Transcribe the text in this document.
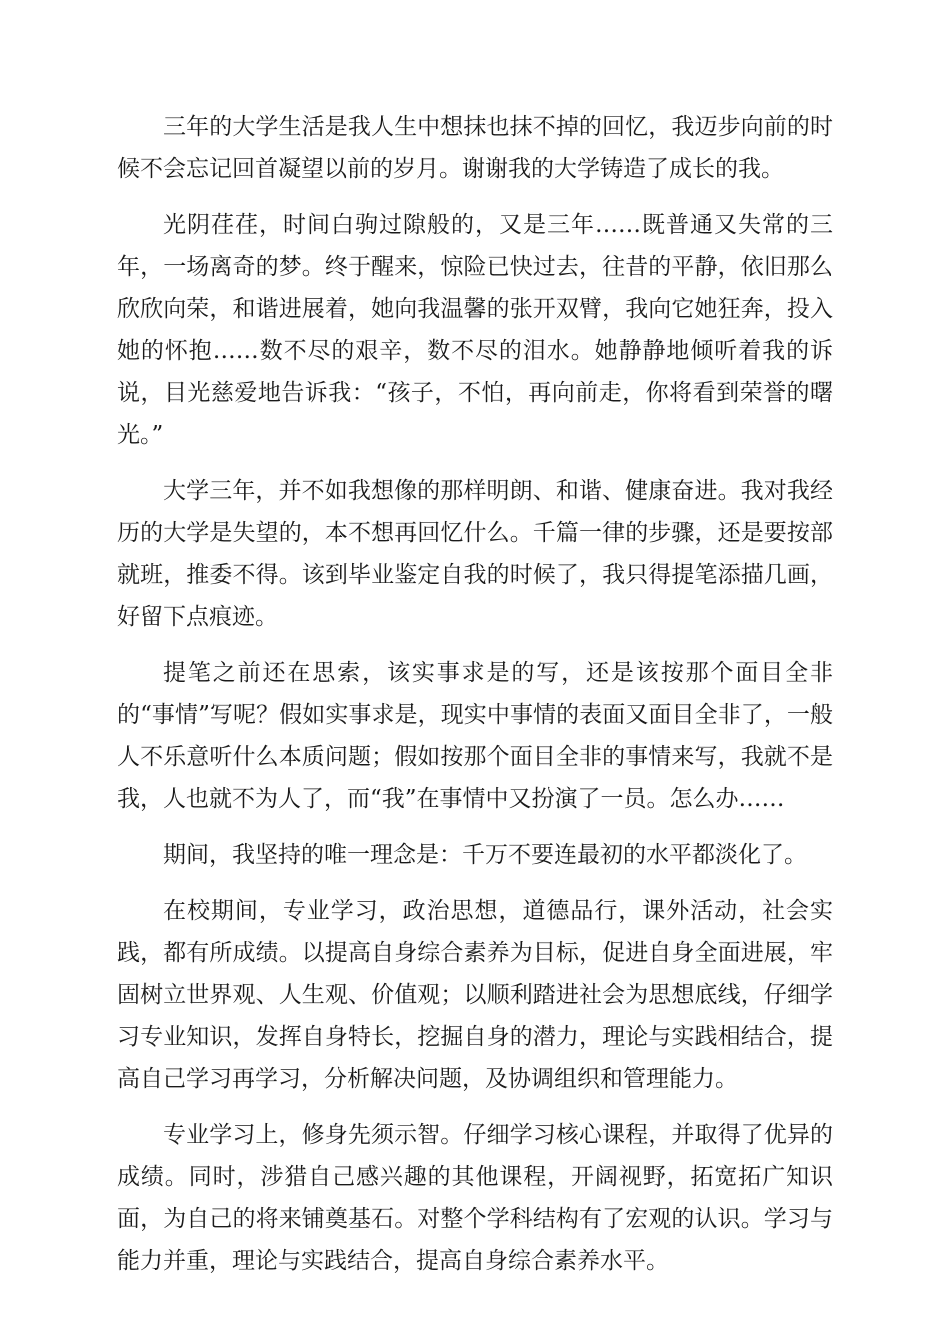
三年的大学生活是我人生中想抹也抹不掉的回忆，我迈步向前的时候不会忘记回首凝望以前的岁月。谢谢我的大学铸造了成长的我。

光阴荏荏，时间白驹过隙般的，又是三年……既普通又失常的三年，一场离奇的梦。终于醒来，惊险已快过去，往昔的平静，依旧那么欣欣向荣，和谐进展着，她向我温馨的张开双臂，我向它她狂奔，投入她的怀抱……数不尽的艰辛，数不尽的泪水。她静静地倾听着我的诉说，目光慈爱地告诉我：“孩子，不怕，再向前走，你将看到荣誉的曙光。”

大学三年，并不如我想像的那样明朗、和谐、健康奋进。我对我经历的大学是失望的，本不想再回忆什么。千篇一律的步骤，还是要按部就班，推委不得。该到毕业鉴定自我的时候了，我只得提笔添描几画，好留下点痕迹。

提笔之前还在思索，该实事求是的写，还是该按那个面目全非的“事情”写呢？假如实事求是，现实中事情的表面又面目全非了，一般人不乐意听什么本质问题；假如按那个面目全非的事情来写，我就不是我，人也就不为人了，而“我”在事情中又扮演了一员。怎么办……

期间，我坚持的唯一理念是：千万不要连最初的水平都淡化了。

在校期间，专业学习，政治思想，道德品行，课外活动，社会实践，都有所成绩。以提高自身综合素养为目标，促进自身全面进展，牢固树立世界观、人生观、价值观；以顺利踏进社会为思想底线，仔细学习专业知识，发挥自身特长，挖掘自身的潜力，理论与实践相结合，提高自己学习再学习，分析解决问题，及协调组织和管理能力。

专业学习上，修身先须示智。仔细学习核心课程，并取得了优异的成绩。同时，涉猎自己感兴趣的其他课程，开阔视野，拓宽拓广知识面，为自己的将来铺奠基石。对整个学科结构有了宏观的认识。学习与能力并重，理论与实践结合，提高自身综合素养水平。
